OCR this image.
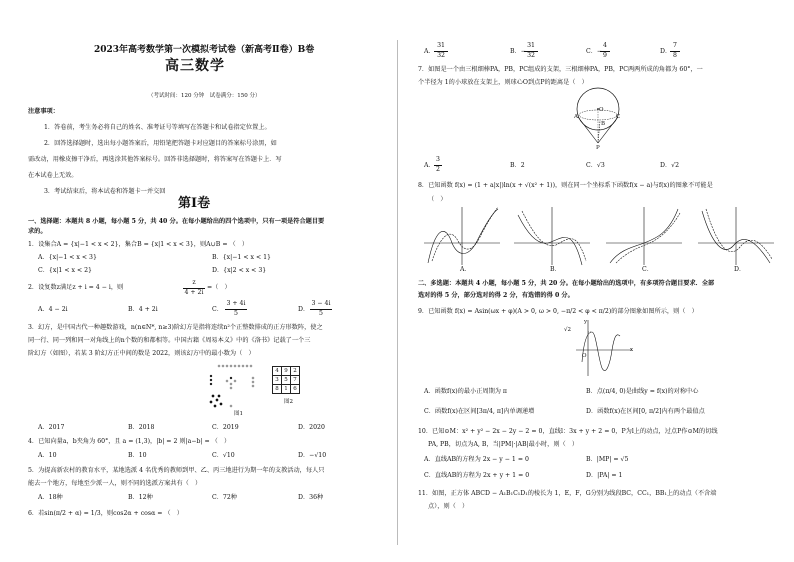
2023年高考数学第一次模拟考试卷（新高考Ⅱ卷）B卷
高三数学
（考试时间：120 分钟　试卷满分：150 分）
注意事项：
1．答卷前，考生务必将自己的姓名、准考证号等填写在答题卡和试卷指定位置上。
2．回答选择题时，选出每小题答案后，用铅笔把答题卡对应题目的答案标号涂黑，如
需改动，用橡皮擦干净后，再选涂其他答案标号。回答非选择题时，将答案写在答题卡上．写
在本试卷上无效。
3．考试结束后，将本试卷和答题卡一并交回
第Ⅰ卷
一、选择题：本题共 8 小题，每小题 5 分，共 40 分。在每小题给出的四个选项中，只有一项是符合题目要
求的。
1．设集合A = {x|−1 < x < 2}，集合B = {x|1 < x < 3}，则A∪B = （　）
A．{x|−1 < x < 3}	B．{x|−1 < x < 1}
C．{x|1 < x < 2}	D．{x|2 < x < 3}
2．设复数z满足z + i = 4 − i，则
z
4 + 2i
=（　）
A．4 − 2i	B．4 + 2i	C．
3 + 4i
5
D．
3 − 4i
5
3．幻方，是中国古代一种趣数游戏，n(n∈N*, n≥3)阶幻方是指将连续n²个正整数排成的正方形数阵，使之
同一行、同一列和同一对角线上的n个数的和都相等。中国古籍《周易本义》中的《洛书》记载了一个三
阶幻方（如图），若某 3 阶幻方正中间的数是 2022，则该幻方中的最小数为（　）
4	9	2
3	5	7
8	1	6
图1
图2
A．2017	B．2018	C．2019	D．2020
4．已知向量a，b夹角为 60°，且 a = (1,3)，|b| = 2 则|a−b| = （　）
A．10	B．10	C．√10	D．−√10
5．为提高新农村的教育水平，某地选派 4 名优秀的教师到甲、乙、丙三地进行为期一年的支教活动，每人只
能去一个地方，每地至少派一人，则不同的选派方案共有（　）
A．18种	B．12种	C．72种	D．36种
6．若sin(π/2 + α) = 1/3，则cos2α + cosα = （　）
A．
31
32
B．−
31
32
C．−
4
9
D．
7
8
7．如图是一个由三根细棒PA，PB，PC组成的支架，三根细棒PA，PB，PC两两所成的角都为 60°，一
个半径为 1的小球放在支架上，则球心O到点P的距离是（　）
O
P
A	C
B
A．
3
2
B．2	C．√3	D．√2
8．已知函数 f(x) = (1 + a|x|)ln(x + √(x² + 1))，则在同一个坐标系下函数f(x − a)与f(x)的图象不可能是
（　）
A．	B．	C．	D．
二、多选题：本题共 4 小题，每小题 5 分，共 20 分。在每小题给出的选项中，有多项符合题目要求．全部
选对的得 5 分，部分选对的得 2 分，有选错的得 0 分。
9．已知函数 f(x) = Asin(ωx + φ)(A > 0, ω > 0, −π/2 < φ < π/2)的部分图象如图所示，则（　）
√2
y
x
O
A．函数f(x)的最小正周期为 π	B．点(π/4, 0)是曲线y = f(x)的对称中心
C．函数f(x)在区间[3π/4, π]内单调递增	D．函数f(x)在区间[0, π/2]内有两个最值点
10．已知⊙M：x² + y² − 2x − 2y − 2 = 0，直线l：3x + y + 2 = 0，P为l上的动点，过点P作⊙M的切线
PA, PB，切点为A, B，当|PM|·|AB|最小时，则（　）
A．直线AB的方程为 2x − y − 1 = 0	B．|MP| = √5
C．直线AB的方程为 2x + y + 1 = 0	D．|PA| = 1
11．如图，正方体 ABCD − A₁B₁C₁D₁的棱长为 1，E，F，G分别为线段BC，CC₁，BB₁上的动点（不含端
点），则（　）
